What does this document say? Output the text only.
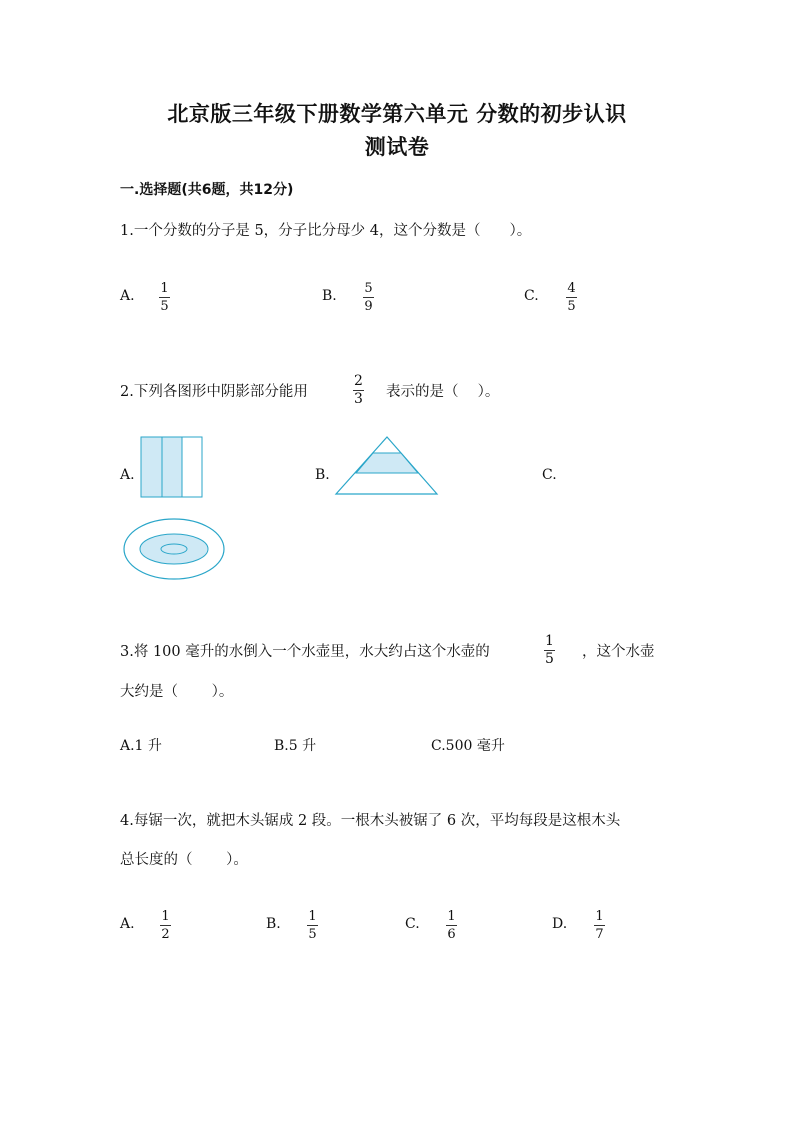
北京版三年级下册数学第六单元 分数的初步认识
测试卷
一.选择题(共6题，共12分)
1.一个分数的分子是 5，分子比分母少 4，这个分数是（　　）。
A. 1
5
B. 5
9
C. 4
5
2.下列各图形中阴影部分能用
2
3 表示的是（　 ）。
A.	B.	C.
3.将 100 毫升的水倒入一个水壶里，水大约占这个水壶的
1
5 ，这个水壶
大约是（　　 ）。
A.1 升	B.5 升	C.500 毫升
4.每锯一次，就把木头锯成 2 段。一根木头被锯了 6 次，平均每段是这根木头
总长度的（　　 ）。
A. 1
2
B. 1
5
C. 1
6
D. 1
7
